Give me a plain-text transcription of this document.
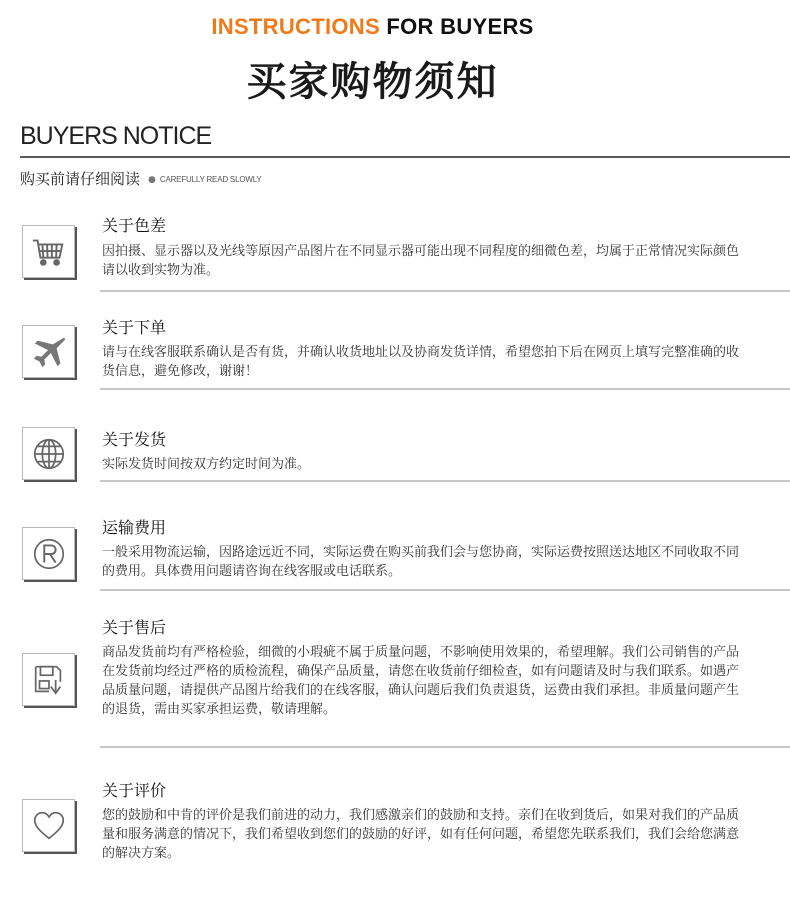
INSTRUCTIONS FOR BUYERS
买家购物须知
BUYERS NOTICE
购买前请仔细阅读 ● CAREFULLY READ SLOWLY
关于色差
因拍摄、显示器以及光线等原因产品图片在不同显示器可能出现不同程度的细微色差，均属于正常情况实际颜色请以收到实物为准。
关于下单
请与在线客服联系确认是否有货，并确认收货地址以及协商发货详情，希望您拍下后在网页上填写完整准确的收货信息，避免修改，谢谢！
关于发货
实际发货时间按双方约定时间为准。
运输费用
一般采用物流运输，因路途远近不同，实际运费在购买前我们会与您协商，实际运费按照送达地区不同收取不同的费用。具体费用问题请咨询在线客服或电话联系。
关于售后
商品发货前均有严格检验，细微的小瑕疵不属于质量问题，不影响使用效果的，希望理解。我们公司销售的产品在发货前均经过严格的质检流程，确保产品质量，请您在收货前仔细检查，如有问题请及时与我们联系。如遇产品质量问题，请提供产品图片给我们的在线客服，确认问题后我们负责退货，运费由我们承担。非质量问题产生的退货，需由买家承担运费，敬请理解。
关于评价
您的鼓励和中肯的评价是我们前进的动力，我们感激亲们的鼓励和支持。亲们在收到货后，如果对我们的产品质量和服务满意的情况下，我们希望收到您们的鼓励的好评，如有任何问题，希望您先联系我们，我们会给您满意的解决方案。
